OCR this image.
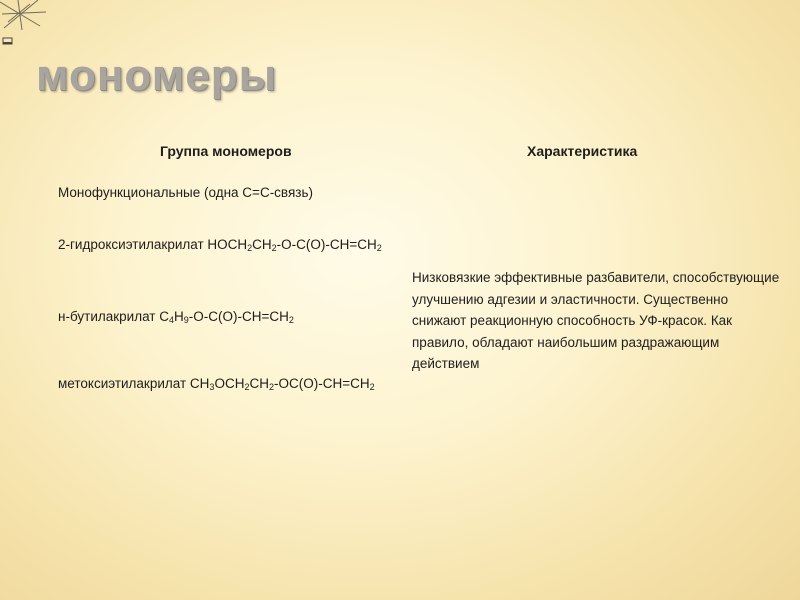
мономеры
Группа мономеров	Характеристика
Монофункциональные (одна С=С-связь)
2-гидроксиэтилакрилат $НОСН_2СН_2-О-С(О)-СН=СН_2$
н-бутилакрилат $С_4Н_9-О-С(О)-СН=СН_2$
метоксиэтилакрилат $СН_3ОСН_2СН_2-ОС(О)-СН=СН_2$
Низковязкие эффективные разбавители, способствующие улучшению адгезии и эластичности. Существенно снижают реакционную способность УФ-красок. Как правило, обладают наибольшим раздражающим действием
